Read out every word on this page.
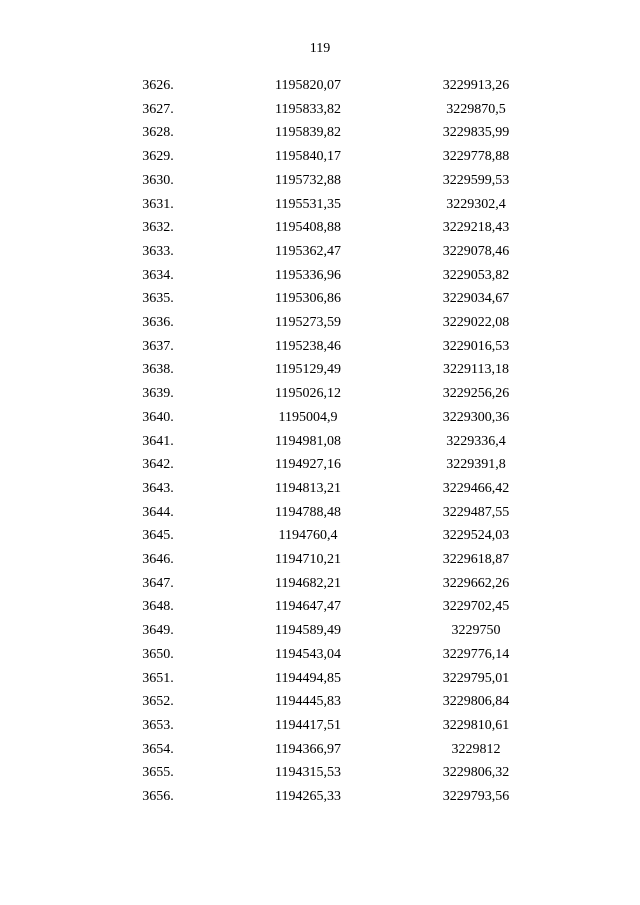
119
3626.	1195820,07	3229913,26
3627.	1195833,82	3229870,5
3628.	1195839,82	3229835,99
3629.	1195840,17	3229778,88
3630.	1195732,88	3229599,53
3631.	1195531,35	3229302,4
3632.	1195408,88	3229218,43
3633.	1195362,47	3229078,46
3634.	1195336,96	3229053,82
3635.	1195306,86	3229034,67
3636.	1195273,59	3229022,08
3637.	1195238,46	3229016,53
3638.	1195129,49	3229113,18
3639.	1195026,12	3229256,26
3640.	1195004,9	3229300,36
3641.	1194981,08	3229336,4
3642.	1194927,16	3229391,8
3643.	1194813,21	3229466,42
3644.	1194788,48	3229487,55
3645.	1194760,4	3229524,03
3646.	1194710,21	3229618,87
3647.	1194682,21	3229662,26
3648.	1194647,47	3229702,45
3649.	1194589,49	3229750
3650.	1194543,04	3229776,14
3651.	1194494,85	3229795,01
3652.	1194445,83	3229806,84
3653.	1194417,51	3229810,61
3654.	1194366,97	3229812
3655.	1194315,53	3229806,32
3656.	1194265,33	3229793,56
